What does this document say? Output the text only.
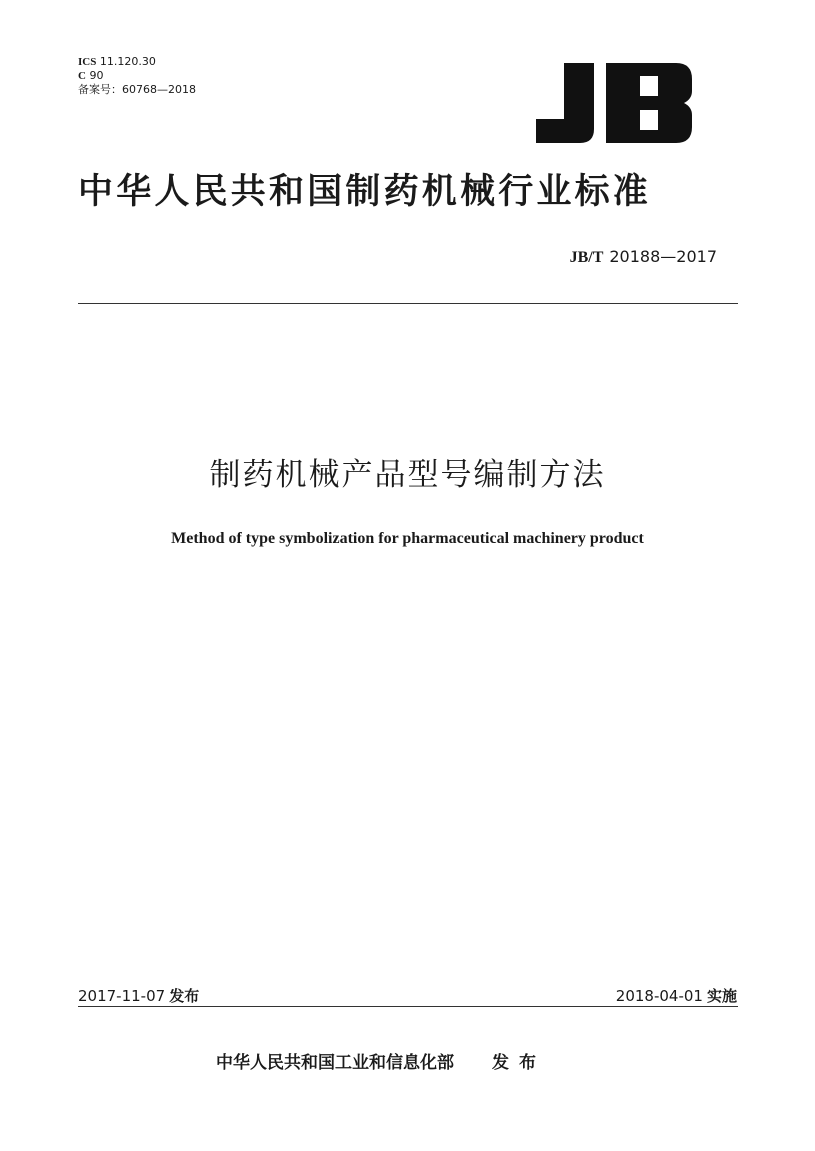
ICS 11.120.30
C 90
备案号：60768—2018
中华人民共和国制药机械行业标准
JB/T 20188—2017
制药机械产品型号编制方法
Method of type symbolization for pharmaceutical machinery product
2017-11-07 发布	2018-04-01 实施
中华人民共和国工业和信息化部 发布
